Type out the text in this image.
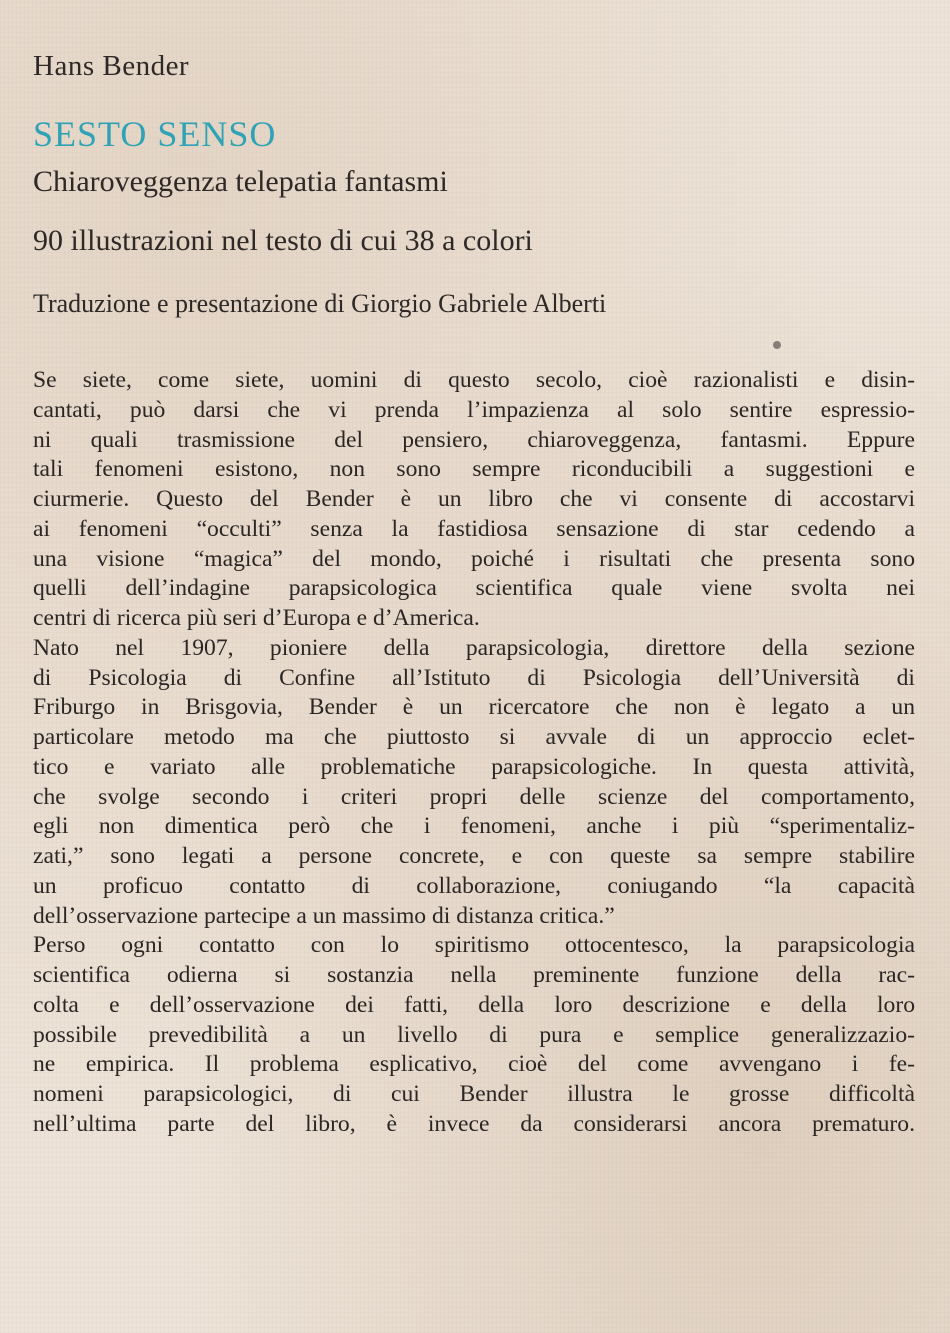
Hans Bender
SESTO SENSO
Chiaroveggenza telepatia fantasmi
90 illustrazioni nel testo di cui 38 a colori
Traduzione e presentazione di Giorgio Gabriele Alberti
Se siete, come siete, uomini di questo secolo, cioè razionalisti e disin-
cantati, può darsi che vi prenda l’impazienza al solo sentire espressio-
ni quali trasmissione del pensiero, chiaroveggenza, fantasmi. Eppure
tali fenomeni esistono, non sono sempre riconducibili a suggestioni e
ciurmerie. Questo del Bender è un libro che vi consente di accostarvi
ai fenomeni “occulti” senza la fastidiosa sensazione di star cedendo a
una visione “magica” del mondo, poiché i risultati che presenta sono
quelli dell’indagine parapsicologica scientifica quale viene svolta nei
centri di ricerca più seri d’Europa e d’America.
Nato nel 1907, pioniere della parapsicologia, direttore della sezione
di Psicologia di Confine all’Istituto di Psicologia dell’Università di
Friburgo in Brisgovia, Bender è un ricercatore che non è legato a un
particolare metodo ma che piuttosto si avvale di un approccio eclet-
tico e variato alle problematiche parapsicologiche. In questa attività,
che svolge secondo i criteri propri delle scienze del comportamento,
egli non dimentica però che i fenomeni, anche i più “sperimentaliz-
zati,” sono legati a persone concrete, e con queste sa sempre stabilire
un proficuo contatto di collaborazione, coniugando “la capacità
dell’osservazione partecipe a un massimo di distanza critica.”
Perso ogni contatto con lo spiritismo ottocentesco, la parapsicologia
scientifica odierna si sostanzia nella preminente funzione della rac-
colta e dell’osservazione dei fatti, della loro descrizione e della loro
possibile prevedibilità a un livello di pura e semplice generalizzazio-
ne empirica. Il problema esplicativo, cioè del come avvengano i fe-
nomeni parapsicologici, di cui Bender illustra le grosse difficoltà
nell’ultima parte del libro, è invece da considerarsi ancora prematuro.
